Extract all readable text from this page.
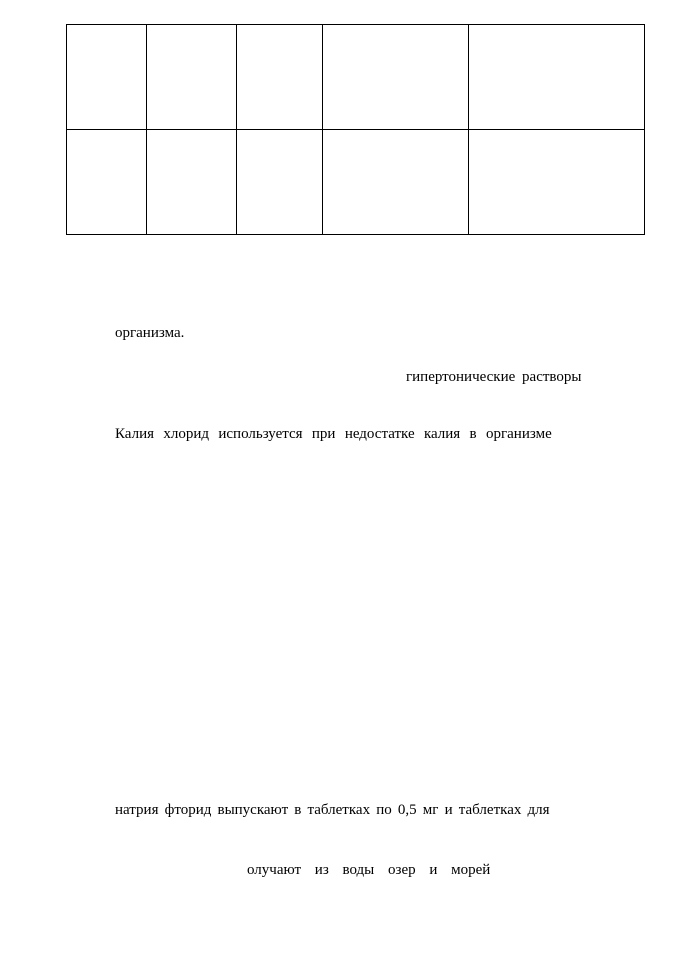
организма.
гипертонические растворы
Калия хлорид используется при недостатке калия в организме
натрия фторид выпускают в таблетках по 0,5 мг и таблетках для
олучают из воды озер и морей
